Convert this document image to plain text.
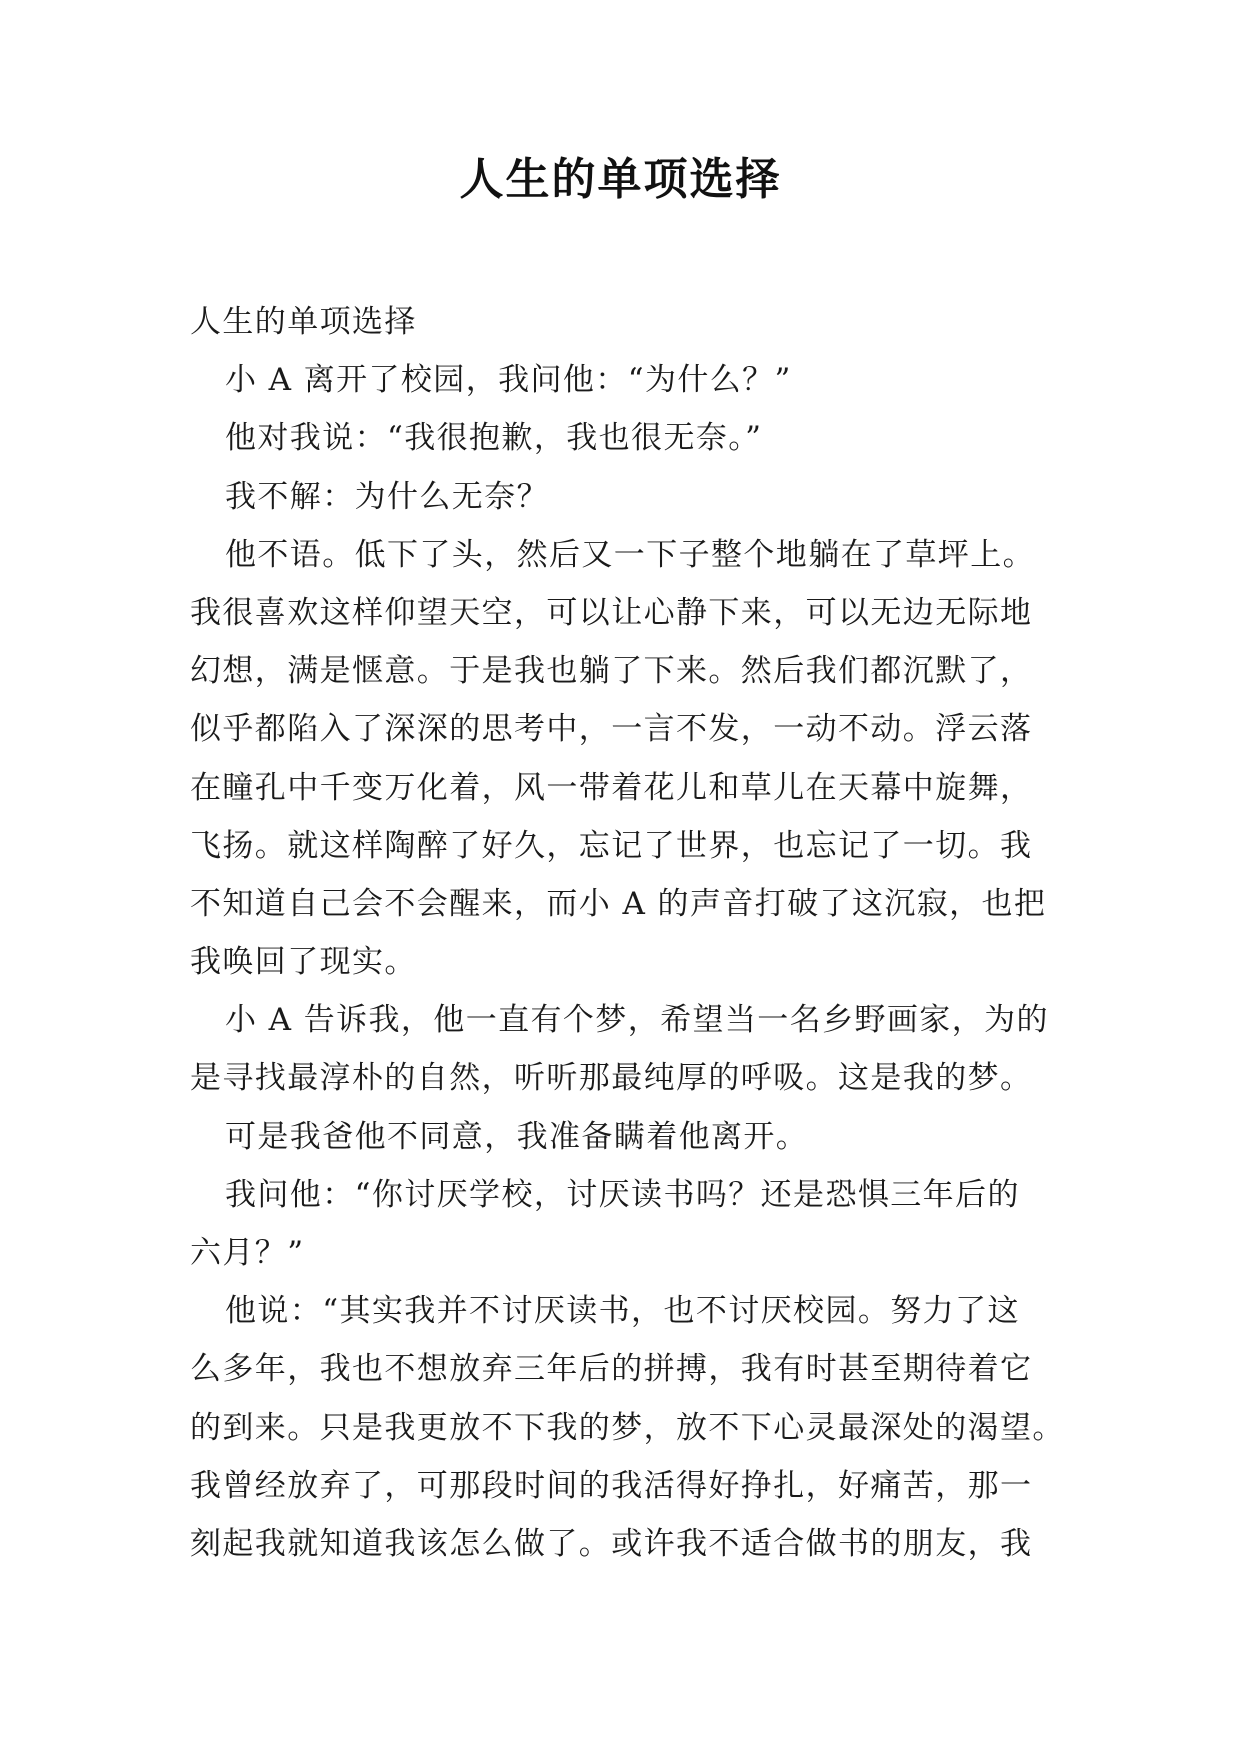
人生的单项选择
人生的单项选择
小 A 离开了校园，我问他：“为什么？”
他对我说：“我很抱歉，我也很无奈。”
我不解：为什么无奈？
他不语。低下了头，然后又一下子整个地躺在了草坪上。
我很喜欢这样仰望天空，可以让心静下来，可以无边无际地
幻想，满是惬意。于是我也躺了下来。然后我们都沉默了，
似乎都陷入了深深的思考中，一言不发，一动不动。浮云落
在瞳孔中千变万化着，风一带着花儿和草儿在天幕中旋舞，
飞扬。就这样陶醉了好久，忘记了世界，也忘记了一切。我
不知道自己会不会醒来，而小 A 的声音打破了这沉寂，也把
我唤回了现实。
小 A 告诉我，他一直有个梦，希望当一名乡野画家，为的
是寻找最淳朴的自然，听听那最纯厚的呼吸。这是我的梦。
可是我爸他不同意，我准备瞒着他离开。
我问他：“你讨厌学校，讨厌读书吗？还是恐惧三年后的
六月？”
他说：“其实我并不讨厌读书，也不讨厌校园。努力了这
么多年，我也不想放弃三年后的拼搏，我有时甚至期待着它
的到来。只是我更放不下我的梦，放不下心灵最深处的渴望。
我曾经放弃了，可那段时间的我活得好挣扎，好痛苦，那一
刻起我就知道我该怎么做了。或许我不适合做书的朋友，我
